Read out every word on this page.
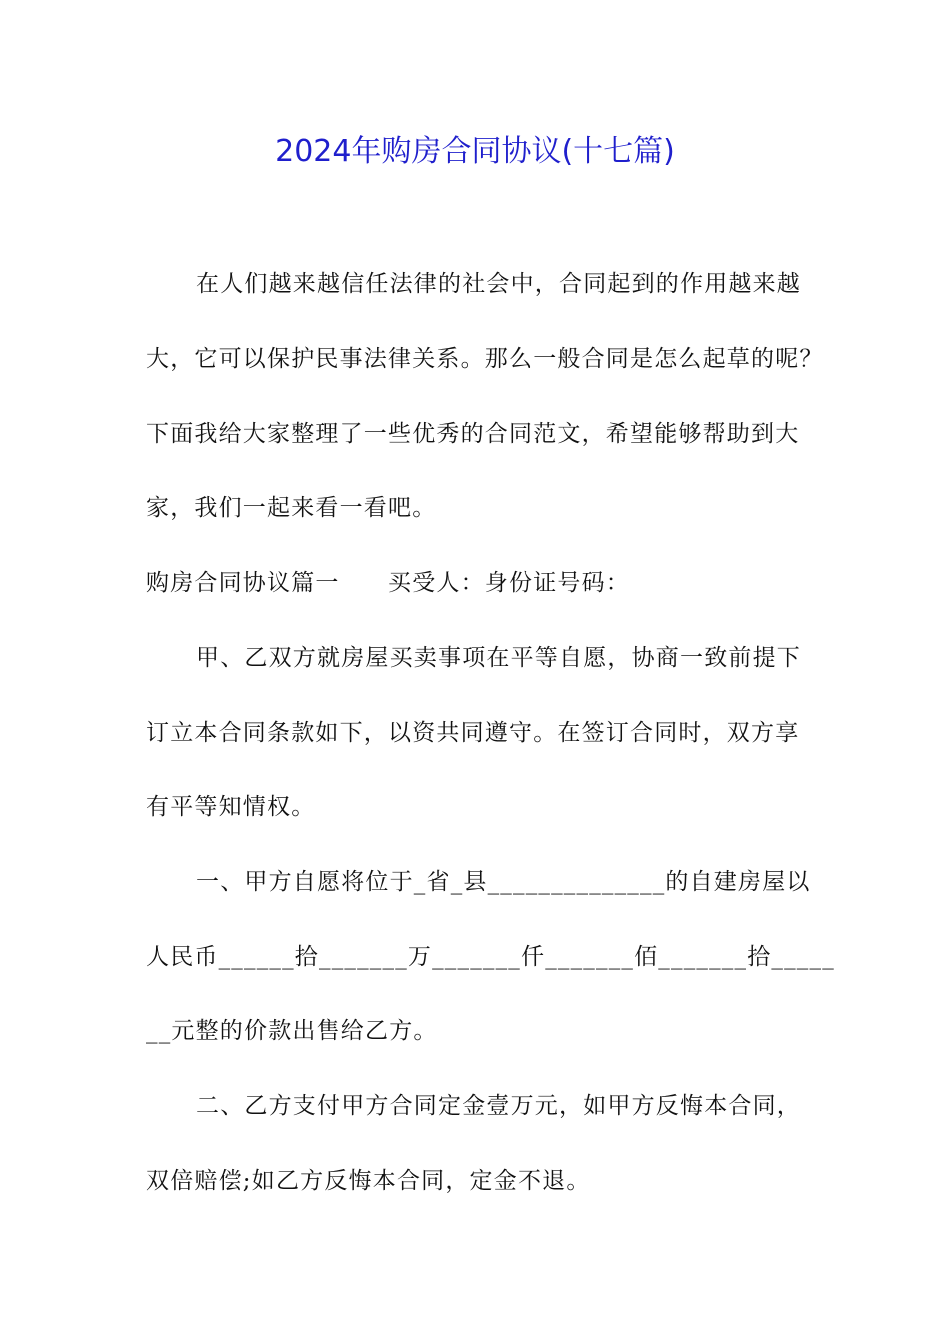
2024年购房合同协议(十七篇)
在人们越来越信任法律的社会中，合同起到的作用越来越
大，它可以保护民事法律关系。那么一般合同是怎么起草的呢？
下面我给大家整理了一些优秀的合同范文，希望能够帮助到大
家，我们一起来看一看吧。
购房合同协议篇一　　买受人：身份证号码：
甲、乙双方就房屋买卖事项在平等自愿，协商一致前提下
订立本合同条款如下，以资共同遵守。在签订合同时，双方享
有平等知情权。
一、甲方自愿将位于_省_县______________的自建房屋以
人民币______拾_______万_______仟_______佰_______拾_____
__元整的价款出售给乙方。
二、乙方支付甲方合同定金壹万元，如甲方反悔本合同，
双倍赔偿;如乙方反悔本合同，定金不退。
